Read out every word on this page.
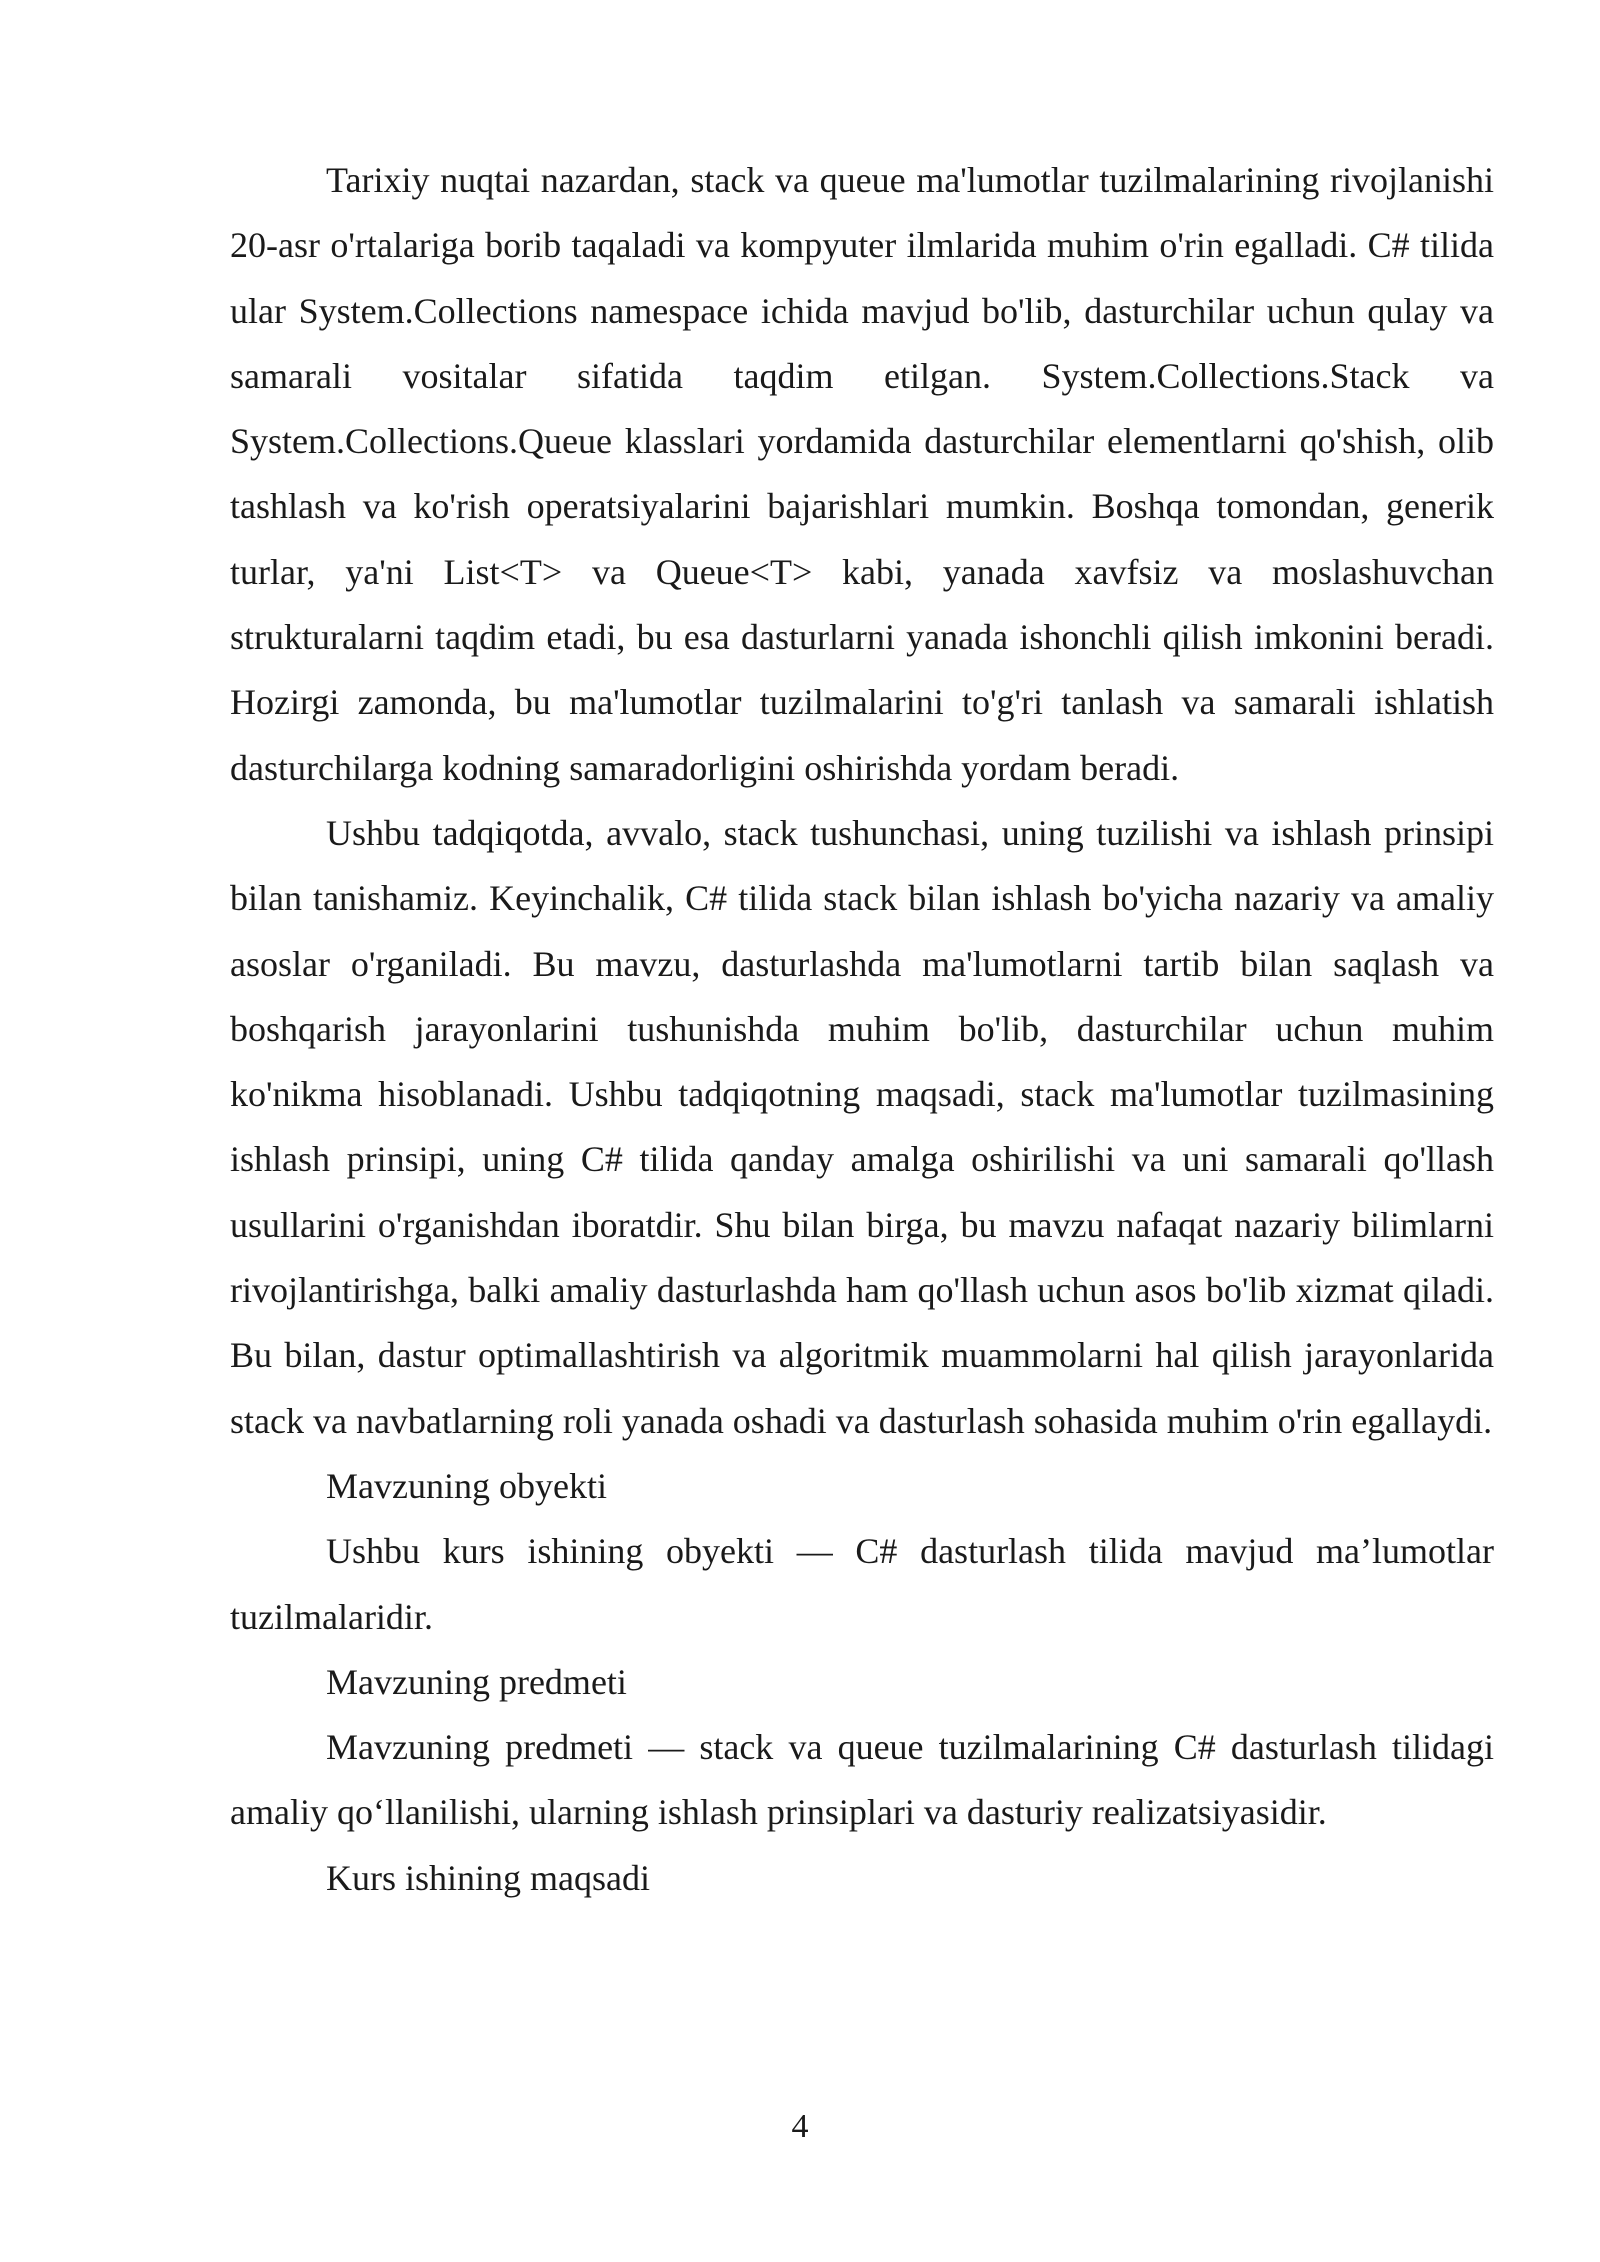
Tarixiy nuqtai nazardan, stack va queue ma'lumotlar tuzilmalarining rivojlanishi 20-asr o'rtalariga borib taqaladi va kompyuter ilmlarida muhim o'rin egalladi. C# tilida ular System.Collections namespace ichida mavjud bo'lib, dasturchilar uchun qulay va samarali vositalar sifatida taqdim etilgan. System.Collections.Stack va System.Collections.Queue klasslari yordamida dasturchilar elementlarni qo'shish, olib tashlash va ko'rish operatsiyalarini bajarishlari mumkin. Boshqa tomondan, generik turlar, ya'ni List<T> va Queue<T> kabi, yanada xavfsiz va moslashuvchan strukturalarni taqdim etadi, bu esa dasturlarni yanada ishonchli qilish imkonini beradi. Hozirgi zamonda, bu ma'lumotlar tuzilmalarini to'g'ri tanlash va samarali ishlatish dasturchilarga kodning samaradorligini oshirishda yordam beradi.

Ushbu tadqiqotda, avvalo, stack tushunchasi, uning tuzilishi va ishlash prinsipi bilan tanishamiz. Keyinchalik, C# tilida stack bilan ishlash bo'yicha nazariy va amaliy asoslar o'rganiladi. Bu mavzu, dasturlashda ma'lumotlarni tartib bilan saqlash va boshqarish jarayonlarini tushunishda muhim bo'lib, dasturchilar uchun muhim ko'nikma hisoblanadi. Ushbu tadqiqotning maqsadi, stack ma'lumotlar tuzilmasining ishlash prinsipi, uning C# tilida qanday amalga oshirilishi va uni samarali qo'llash usullarini o'rganishdan iboratdir. Shu bilan birga, bu mavzu nafaqat nazariy bilimlarni rivojlantirishga, balki amaliy dasturlashda ham qo'llash uchun asos bo'lib xizmat qiladi. Bu bilan, dastur optimallashtirish va algoritmik muammolarni hal qilish jarayonlarida stack va navbatlarning roli yanada oshadi va dasturlash sohasida muhim o'rin egallaydi.

Mavzuning obyekti

Ushbu kurs ishining obyekti — C# dasturlash tilida mavjud ma’lumotlar tuzilmalaridir.

Mavzuning predmeti

Mavzuning predmeti — stack va queue tuzilmalarining C# dasturlash tilidagi amaliy qo‘llanilishi, ularning ishlash prinsiplari va dasturiy realizatsiyasidir.

Kurs ishining maqsadi

4
